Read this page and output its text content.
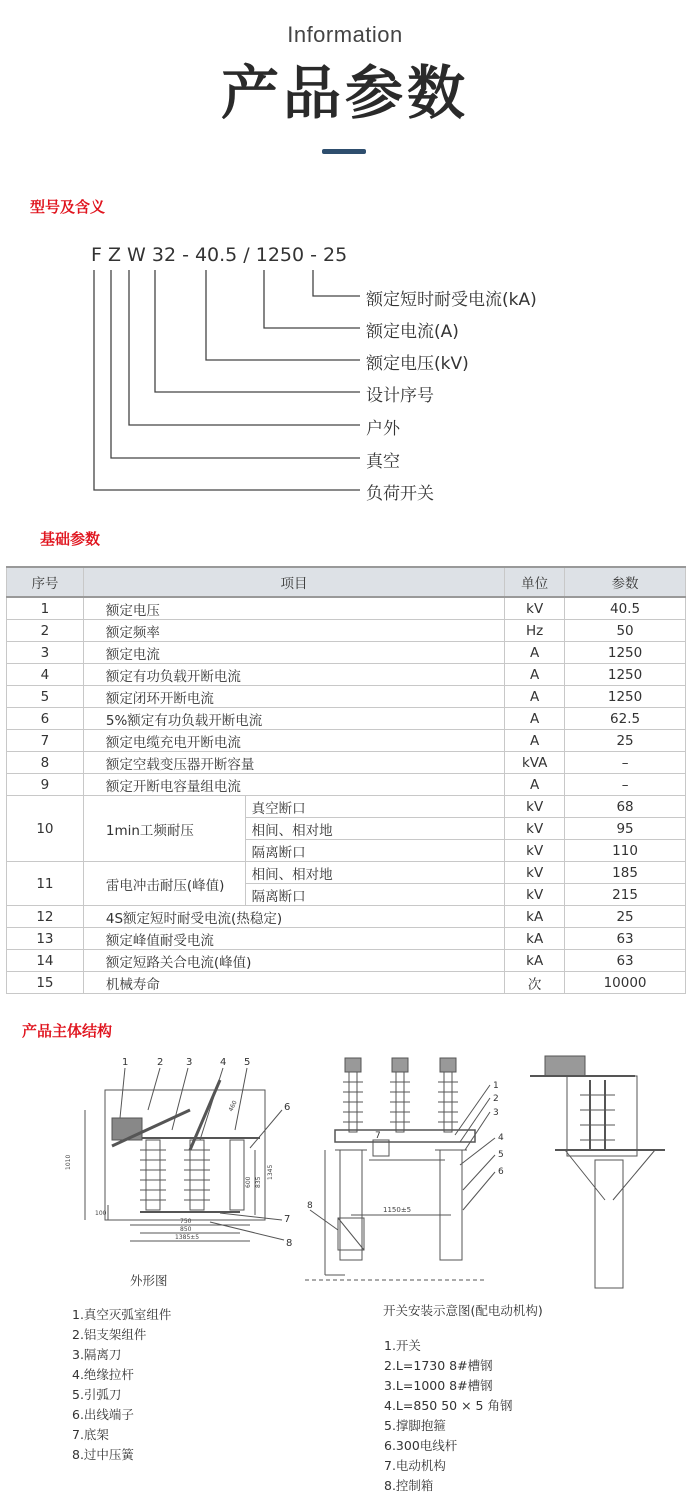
Information
产品参数
型号及含义
F Z W 32 - 40.5 / 1250 - 25
额定短时耐受电流(kA)
额定电流(A)
额定电压(kV)
设计序号
户外
真空
负荷开关
基础参数
序号	项目		单位	参数
1	额定电压		kV	40.5
2	额定频率		Hz	50
3	额定电流		A	1250
4	额定有功负载开断电流		A	1250
5	额定闭环开断电流		A	1250
6	5%额定有功负载开断电流		A	62.5
7	额定电缆充电开断电流		A	25
8	额定空载变压器开断容量		kVA	–
9	额定开断电容量组电流		A	–
10	1min工频耐压	真空断口	kV	68
		相间、相对地	kV	95
		隔离断口	kV	110
11	雷电冲击耐压(峰值)	相间、相对地	kV	185
		隔离断口	kV	215
12	4S额定短时耐受电流(热稳定)		kA	25
13	额定峰值耐受电流		kA	63
14	额定短路关合电流(峰值)		kA	63
15	机械寿命		次	10000
产品主体结构
1	2 3	4 5
6
7
8
1010
100
750
850
1385±5
1345
600 835
460
外形图
1
2
3
4
5
6
7
8	1150±5
开关安装示意图(配电动机构)
1.真空灭弧室组件
2.铝支架组件
3.隔离刀
4.绝缘拉杆
5.引弧刀
6.出线端子
7.底架
8.过中压簧
1.开关
2.L=1730 8#槽钢
3.L=1000 8#槽钢
4.L=850 50 × 5 角钢
5.撑脚抱箍
6.300电线杆
7.电动机构
8.控制箱
